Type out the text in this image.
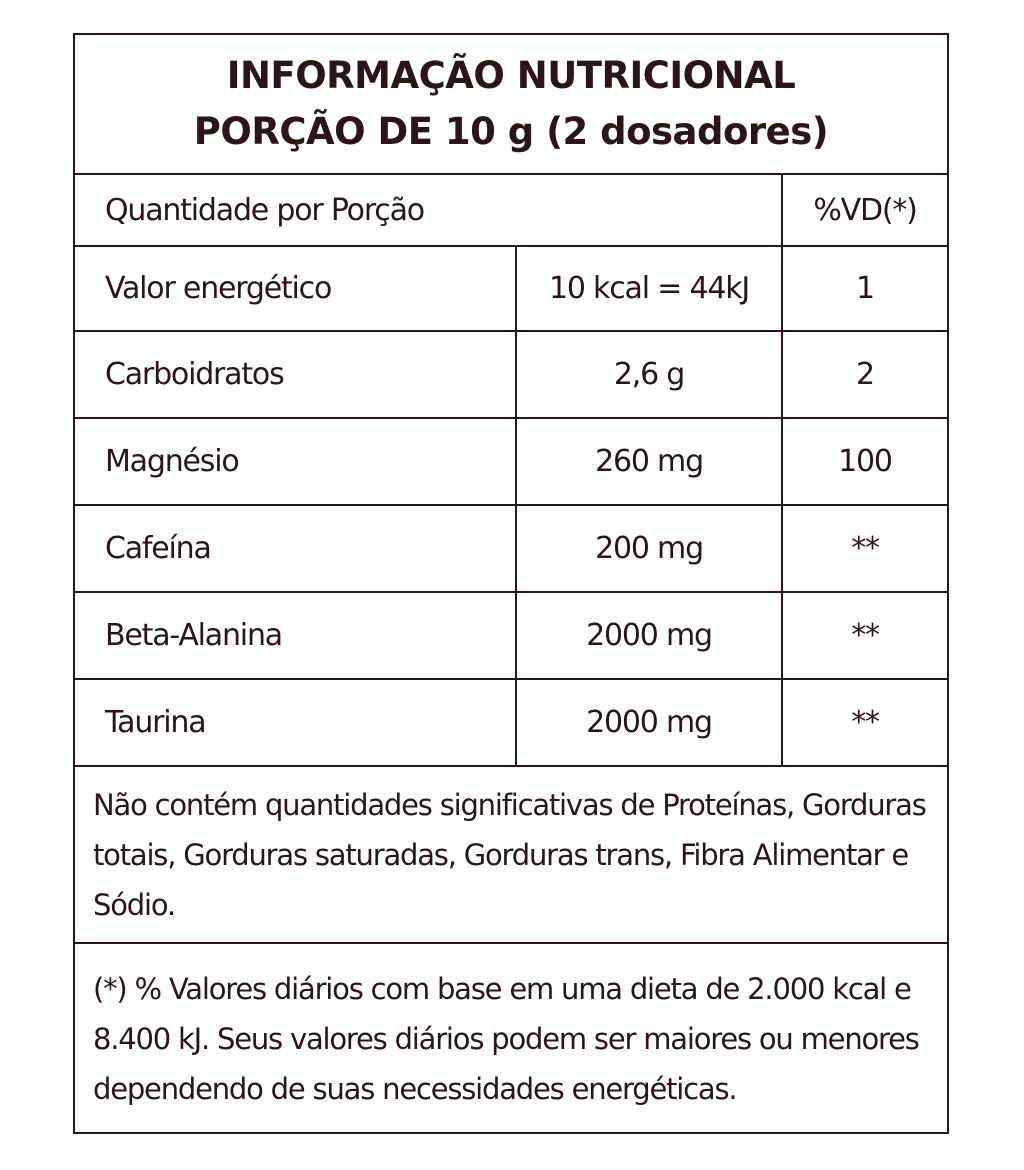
INFORMAÇÃO NUTRICIONAL
PORÇÃO DE 10 g (2 dosadores)
Quantidade por Porção	%VD(*)
Valor energético	10 kcal = 44kJ	1
Carboidratos	2,6 g	2
Magnésio	260 mg	100
Cafeína	200 mg	**
Beta-Alanina	2000 mg	**
Taurina	2000 mg	**
Não contém quantidades significativas de Proteínas, Gorduras totais, Gorduras saturadas, Gorduras trans, Fibra Alimentar e Sódio.
(*) % Valores diários com base em uma dieta de 2.000 kcal e 8.400 kJ. Seus valores diários podem ser maiores ou menores dependendo de suas necessidades energéticas.
